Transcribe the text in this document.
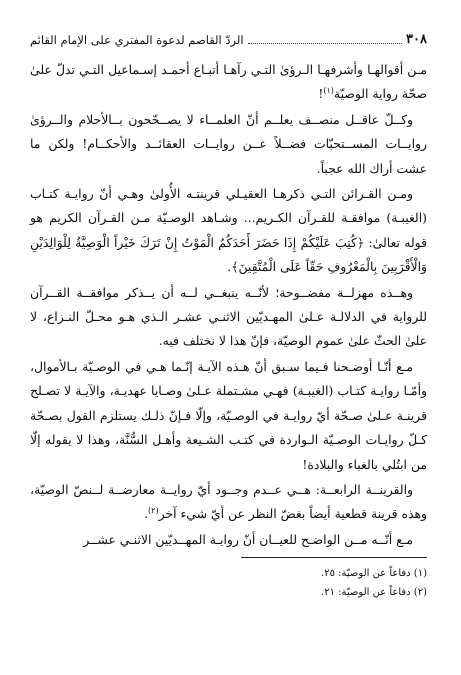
٣٠٨
الردّ القاصم لدعوة المفتري على الإمام القائم

مـن أقوالهـا وأشرفهـا الـرؤىٰ التـي رآهـا أتبـاع أحمـد إسـماعيل التـي تدلّ علىٰ صحّة رواية الوصيّة$^{(١)}$!

وكــلّ عاقــل منصــف يعلــم أنّ العلمــاء لا يصــحّحون بــالأحلام والــرؤىٰ روايــات المســتحبّات فضــلاً عــن روايــات العقائــد والأحكــام! ولكن ما عشت أراك الله عجباً.

ومـن القـرائن التـي ذكرهـا العقيـلي قرينتـه الأُولىٰ وهـي أنّ روايـة كتـاب (الغيبـة) موافقـة للقـرآن الكـريم... وشـاهد الوصـيّة مـن القـرآن الكريم هو قوله تعالىٰ: ﴿كُتِبَ عَلَيْكُمْ إِذَا حَضَرَ أَحَدَكُمُ الْمَوْتُ إِنْ تَرَكَ خَيْراً الْوَصِيَّةُ لِلْوَالِدَيْنِ وَالْأَقْرَبِينَ بِالْمَعْرُوفِ حَقّاً عَلَى الْمُتَّقِينَ﴾.

وهــذه مهزلــة مفضــوحة؛ لأنّــه ينبغــي لــه أن يــذكر موافقــة القــرآن للرواية في الدلالـة عـلىٰ المهـديّين الاثنـي عشـر الـذي هـو محـلّ النـزاع، لا علىٰ الحثّ علىٰ عموم الوصيّة، فإنّ هذا لا نختلف فيه.

مـع أنّـا أوضـحنا فـيما سـبق أنّ هـذه الآيـة إنّـما هـي في الوصـيّة بـالأموال، وأمّـا روايـة كتـاب (الغيبـة) فهـي مشـتملة عـلىٰ وصـايا عهديـة، والآيـة لا تصـلح قرينـة عـلىٰ صـحّة أيّ روايـة في الوصـيّة، وإلّا فـإنّ ذلـك يستلزم القول بصـحّة كـلّ روايـات الوصـيّة الـواردة في كتـب الشـيعة وأهـل السُّنَّة، وهذا لا يقوله إلّا من ابتُلي بالغباء والبلادة!

والقرينــة الرابعــة: هــي عــدم وجــود أيّ روايــة معارضــة لــنصّ الوصيّة، وهذه قرينة قطعية أيضاً بغضّ النظر عن أيّ شيء آخر$^{(٢)}$.

مـع أنّــه مــن الواضـح للعيــان أنّ روايـة المهــديّين الاثنـي عشــر

(١) دفاعاً عن الوصيّة: ٢٥.
(٢) دفاعاً عن الوصيّة: ٢١.
